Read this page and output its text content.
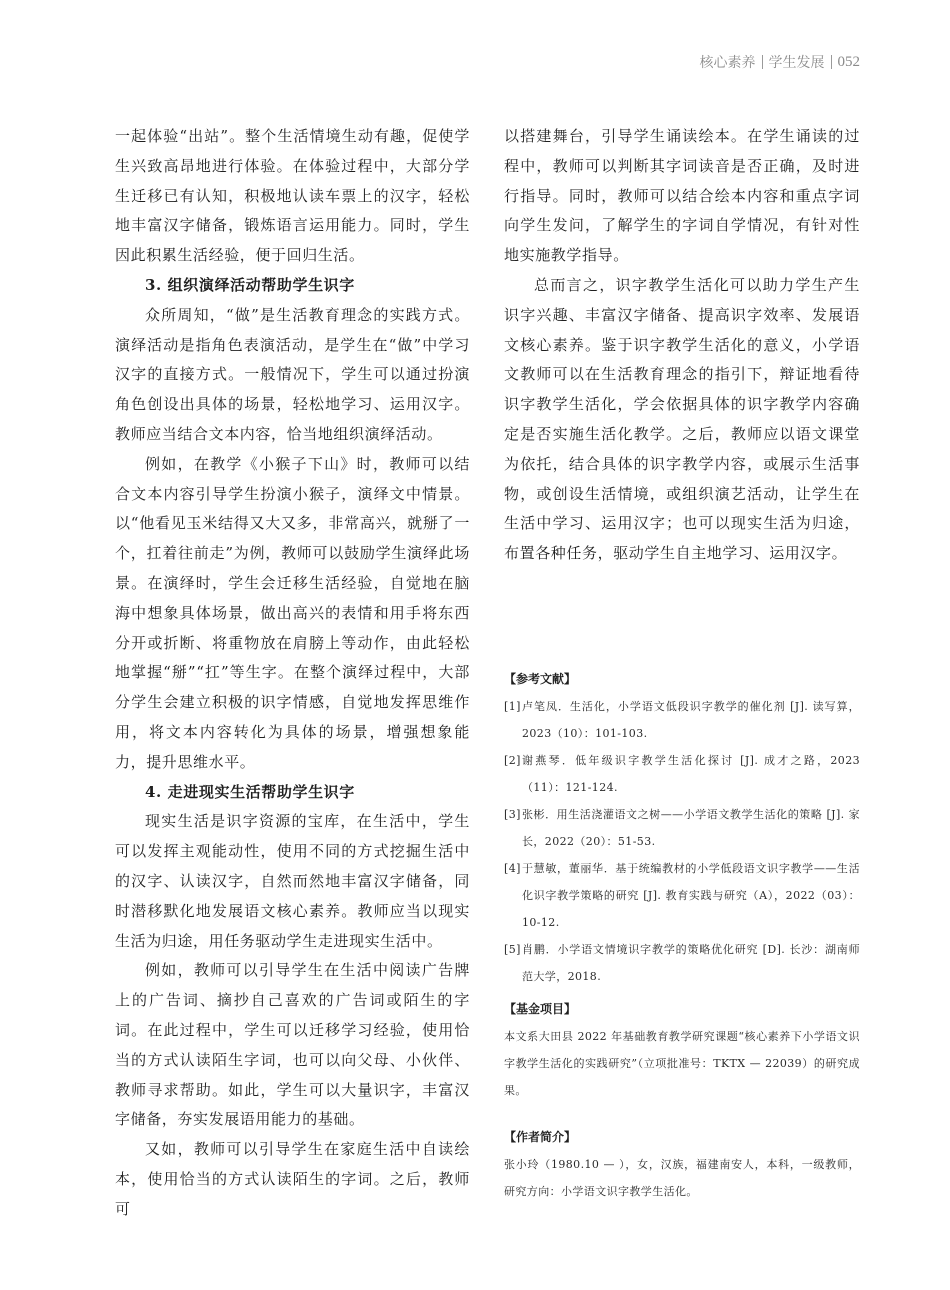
核心素养 学生发展 052

一起体验“出站”。整个生活情境生动有趣，促使学生兴致高昂地进行体验。在体验过程中，大部分学生迁移已有认知，积极地认读车票上的汉字，轻松地丰富汉字储备，锻炼语言运用能力。同时，学生因此积累生活经验，便于回归生活。

3. 组织演绎活动帮助学生识字

众所周知，“做”是生活教育理念的实践方式。演绎活动是指角色表演活动，是学生在“做”中学习汉字的直接方式。一般情况下，学生可以通过扮演角色创设出具体的场景，轻松地学习、运用汉字。教师应当结合文本内容，恰当地组织演绎活动。

例如，在教学《小猴子下山》时，教师可以结合文本内容引导学生扮演小猴子，演绎文中情景。以“他看见玉米结得又大又多，非常高兴，就掰了一个，扛着往前走”为例，教师可以鼓励学生演绎此场景。在演绎时，学生会迁移生活经验，自觉地在脑海中想象具体场景，做出高兴的表情和用手将东西分开或折断、将重物放在肩膀上等动作，由此轻松地掌握“掰”“扛”等生字。在整个演绎过程中，大部分学生会建立积极的识字情感，自觉地发挥思维作用，将文本内容转化为具体的场景，增强想象能力，提升思维水平。

4. 走进现实生活帮助学生识字

现实生活是识字资源的宝库，在生活中，学生可以发挥主观能动性，使用不同的方式挖掘生活中的汉字、认读汉字，自然而然地丰富汉字储备，同时潜移默化地发展语文核心素养。教师应当以现实生活为归途，用任务驱动学生走进现实生活中。

例如，教师可以引导学生在生活中阅读广告牌上的广告词、摘抄自己喜欢的广告词或陌生的字词。在此过程中，学生可以迁移学习经验，使用恰当的方式认读陌生字词，也可以向父母、小伙伴、教师寻求帮助。如此，学生可以大量识字，丰富汉字储备，夯实发展语用能力的基础。

又如，教师可以引导学生在家庭生活中自读绘本，使用恰当的方式认读陌生的字词。之后，教师可

以搭建舞台，引导学生诵读绘本。在学生诵读的过程中，教师可以判断其字词读音是否正确，及时进行指导。同时，教师可以结合绘本内容和重点字词向学生发问，了解学生的字词自学情况，有针对性地实施教学指导。

总而言之，识字教学生活化可以助力学生产生识字兴趣、丰富汉字储备、提高识字效率、发展语文核心素养。鉴于识字教学生活化的意义，小学语文教师可以在生活教育理念的指引下，辩证地看待识字教学生活化，学会依据具体的识字教学内容确定是否实施生活化教学。之后，教师应以语文课堂为依托，结合具体的识字教学内容，或展示生活事物，或创设生活情境，或组织演艺活动，让学生在生活中学习、运用汉字；也可以现实生活为归途，布置各种任务，驱动学生自主地学习、运用汉字。

【参考文献】

[1] 卢笔凤．生活化，小学语文低段识字教学的催化剂 [J]. 读写算，2023（10）：101-103.
[2] 谢燕琴．低年级识字教学生活化探讨 [J]. 成才之路，2023（11）：121-124.
[3] 张彬．用生活浇灌语文之树——小学语文教学生活化的策略 [J]. 家长，2022（20）：51-53.
[4] 于慧敏，董丽华．基于统编教材的小学低段语文识字教学——生活化识字教学策略的研究 [J]. 教育实践与研究（A），2022（03）：10-12.
[5] 肖鹏．小学语文情境识字教学的策略优化研究 [D]. 长沙：湖南师范大学，2018.

【基金项目】

本文系大田县 2022 年基础教育教学研究课题“核心素养下小学语文识字教学生活化的实践研究”（立项批准号：TKTX — 22039）的研究成果。

【作者简介】

张小玲（1980.10 — ），女，汉族，福建南安人，本科，一级教师，研究方向：小学语文识字教学生活化。
